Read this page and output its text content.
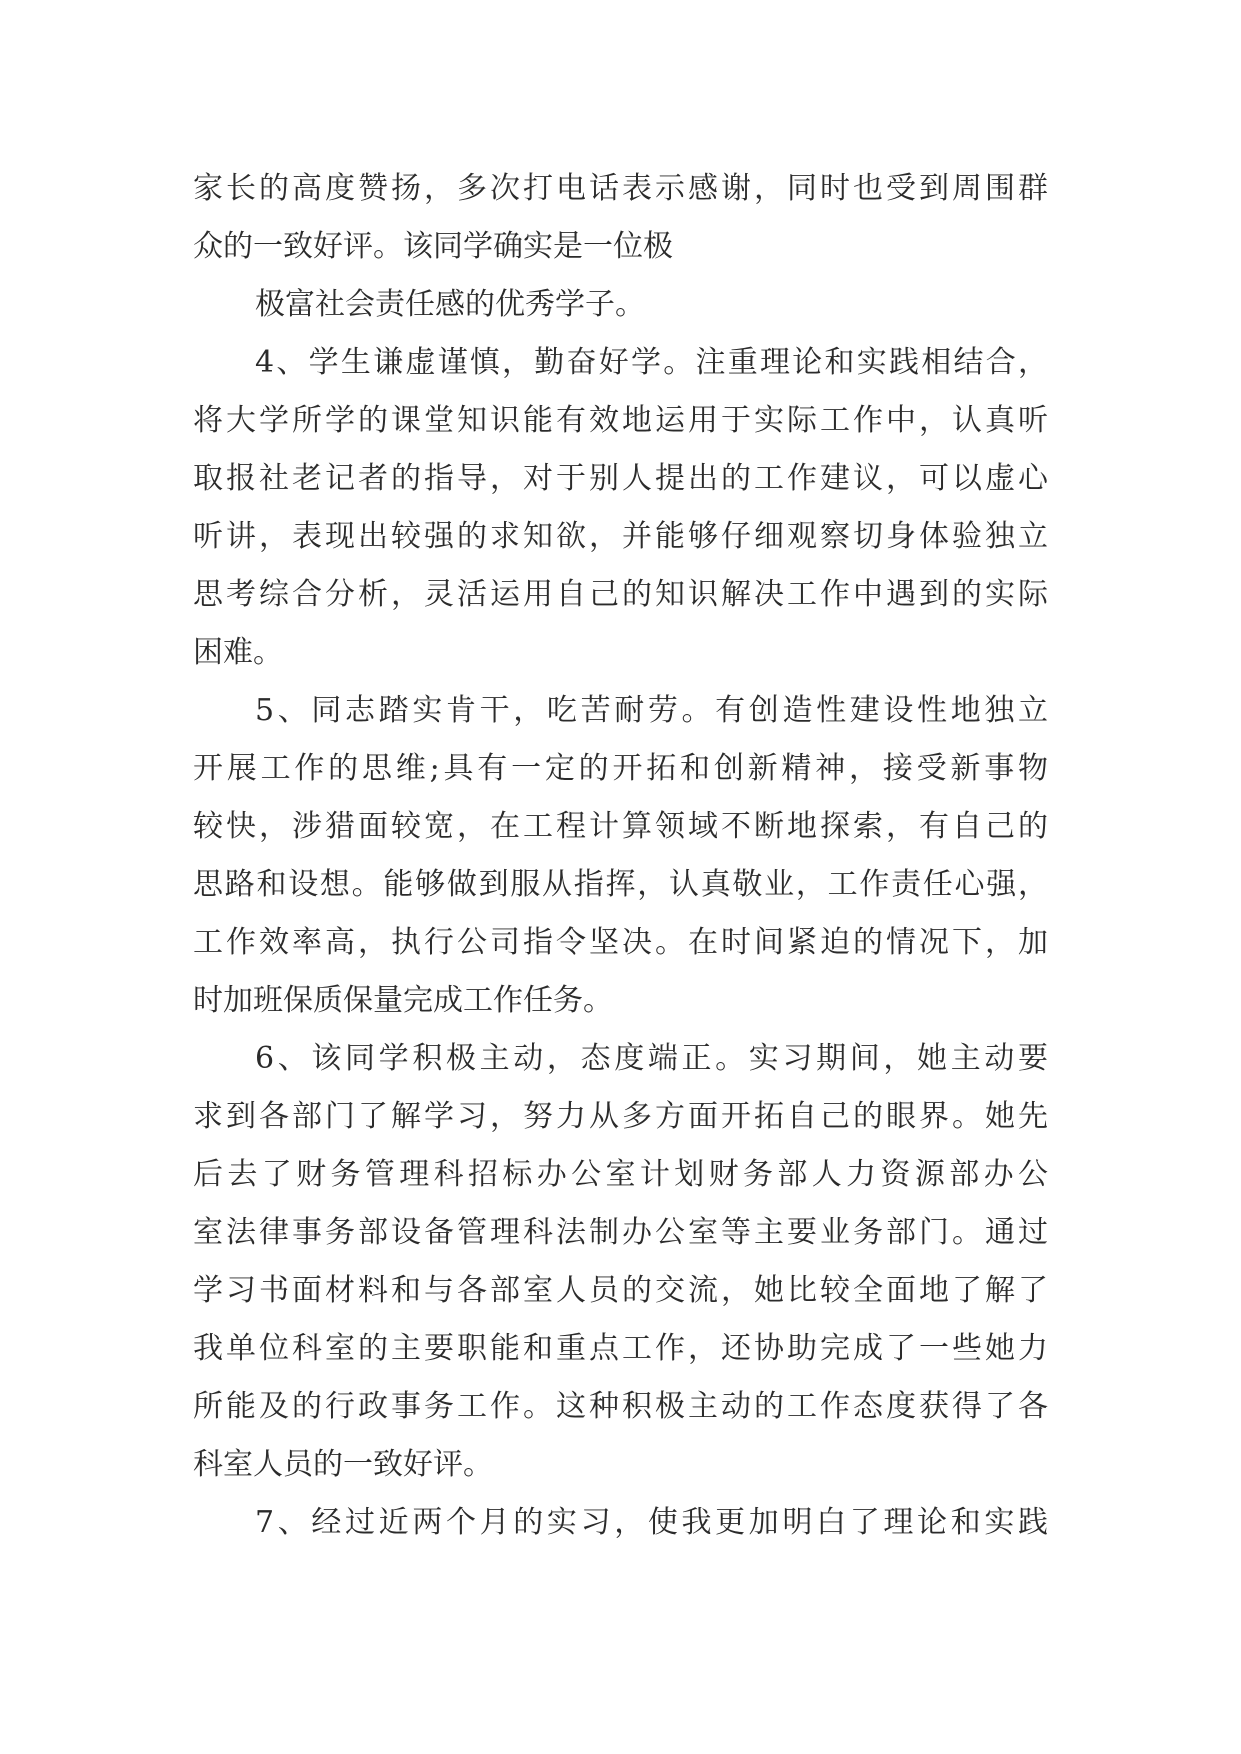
家长的高度赞扬，多次打电话表示感谢，同时也受到周围群
众的一致好评。该同学确实是一位极
极富社会责任感的优秀学子。
4、学生谦虚谨慎，勤奋好学。注重理论和实践相结合，
将大学所学的课堂知识能有效地运用于实际工作中，认真听
取报社老记者的指导，对于别人提出的工作建议，可以虚心
听讲，表现出较强的求知欲，并能够仔细观察切身体验独立
思考综合分析，灵活运用自己的知识解决工作中遇到的实际
困难。
5、同志踏实肯干，吃苦耐劳。有创造性建设性地独立
开展工作的思维;具有一定的开拓和创新精神，接受新事物
较快，涉猎面较宽，在工程计算领域不断地探索，有自己的
思路和设想。能够做到服从指挥，认真敬业，工作责任心强，
工作效率高，执行公司指令坚决。在时间紧迫的情况下，加
时加班保质保量完成工作任务。
6、该同学积极主动，态度端正。实习期间，她主动要
求到各部门了解学习，努力从多方面开拓自己的眼界。她先
后去了财务管理科招标办公室计划财务部人力资源部办公
室法律事务部设备管理科法制办公室等主要业务部门。通过
学习书面材料和与各部室人员的交流，她比较全面地了解了
我单位科室的主要职能和重点工作，还协助完成了一些她力
所能及的行政事务工作。这种积极主动的工作态度获得了各
科室人员的一致好评。
7、经过近两个月的实习，使我更加明白了理论和实践
